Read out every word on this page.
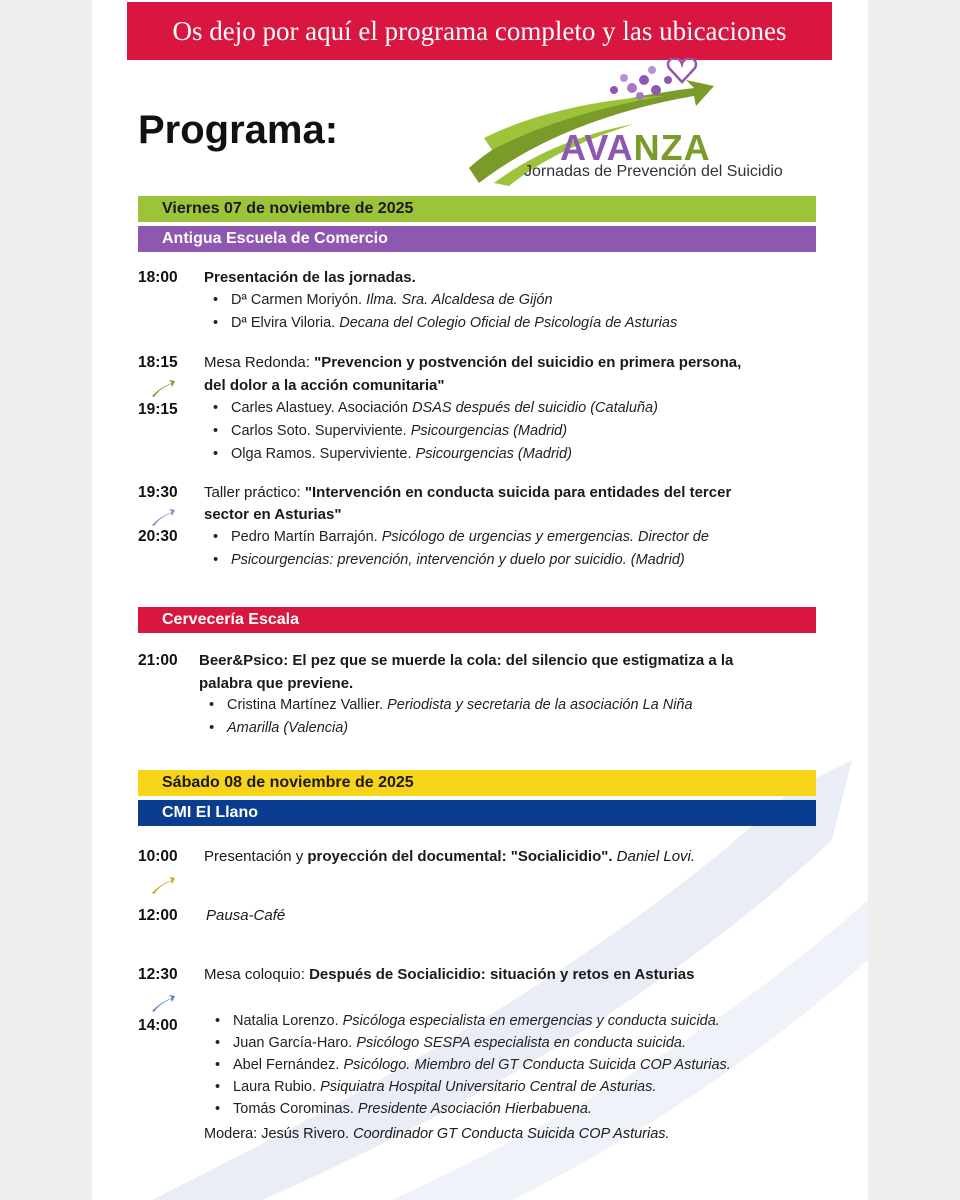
Os dejo por aquí el programa completo y las ubicaciones
Programa:	AVANZA
Jornadas de Prevención del Suicidio
Viernes 07 de noviembre de 2025
Antigua Escuela de Comercio
18:00 Presentación de las jornadas.
• Dª Carmen Moriyón. Ilma. Sra. Alcaldesa de Gijón
• Dª Elvira Viloria. Decana del Colegio Oficial de Psicología de Asturias
18:15
19:15
Mesa Redonda: "Prevencion y postvención del suicidio en primera persona,
del dolor a la acción comunitaria"
• Carles Alastuey. Asociación DSAS después del suicidio (Cataluña)
• Carlos Soto. Superviviente. Psicourgencias (Madrid)
• Olga Ramos. Superviviente. Psicourgencias (Madrid)
19:30
20:30
Taller práctico: "Intervención en conducta suicida para entidades del tercer
sector en Asturias"
• Pedro Martín Barrajón. Psicólogo de urgencias y emergencias. Director de
• Psicourgencias: prevención, intervención y duelo por suicidio. (Madrid)
Cervecería Escala
21:00 Beer&Psico: El pez que se muerde la cola: del silencio que estigmatiza a la
palabra que previene.
• Cristina Martínez Vallier. Periodista y secretaria de la asociación La Niña
• Amarilla (Valencia)
Sábado 08 de noviembre de 2025
CMI El Llano
10:00 Presentación y proyección del documental: "Socialicidio". Daniel Lovi.
12:00 Pausa-Café
12:30
14:00
Mesa coloquio: Después de Socialicidio: situación y retos en Asturias
• Natalia Lorenzo. Psicóloga especialista en emergencias y conducta suicida.
• Juan García-Haro. Psicólogo SESPA especialista en conducta suicida.
• Abel Fernández. Psicólogo. Miembro del GT Conducta Suicida COP Asturias.
• Laura Rubio. Psiquiatra Hospital Universitario Central de Asturias.
• Tomás Corominas. Presidente Asociación Hierbabuena.
Modera: Jesús Rivero. Coordinador GT Conducta Suicida COP Asturias.
